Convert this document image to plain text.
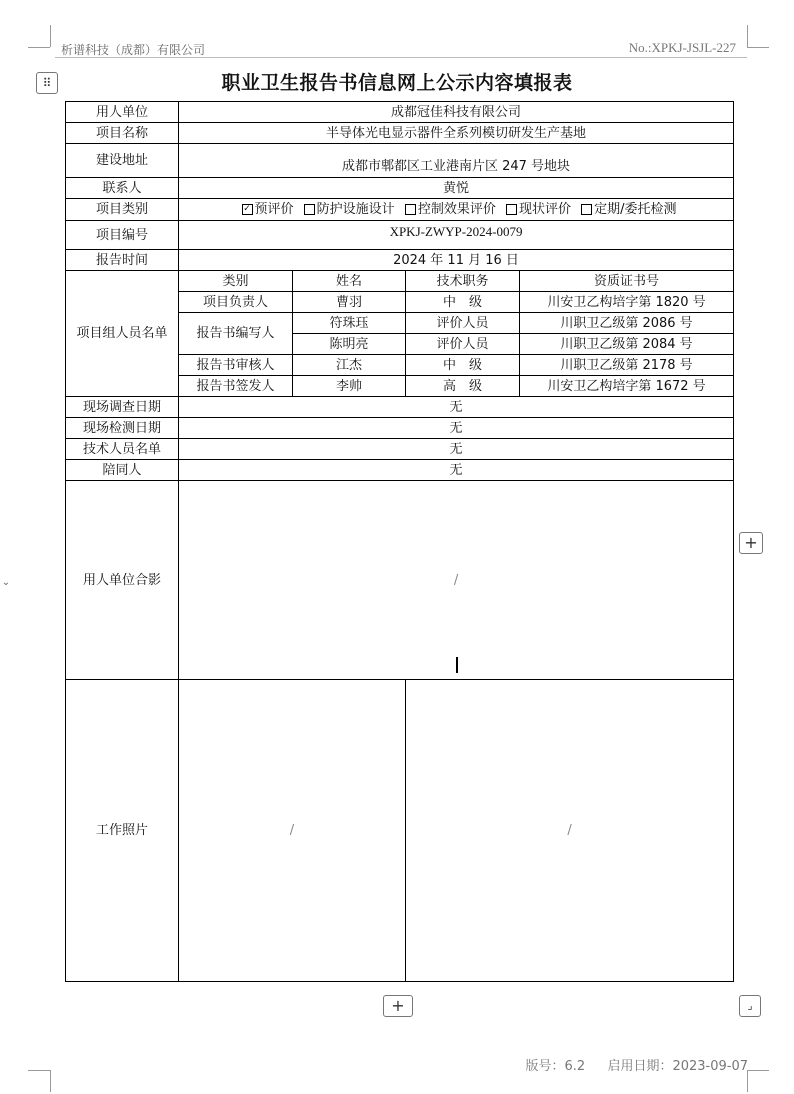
析谱科技（成都）有限公司	No.:XPKJ-JSJL-227
⠿	职业卫生报告书信息网上公示内容填报表
⌄
用人单位	成都冠佳科技有限公司			
项目名称	半导体光电显示器件全系列模切研发生产基地			
建设地址	成都市郫都区工业港南片区 247 号地块			
联系人	黄悦			
项目类别	✓ 预评价 防护设施设计 控制效果评价 现状评价 定期/委托检测			
项目编号	XPKJ-ZWYP-2024-0079			
报告时间	2024 年 11 月 16 日			
项目组人员名单	类别	姓名	技术职务	资质证书号
	项目负责人	曹羽	中　级	川安卫乙构培字第 1820 号
	报告书编写人	符珠珏	评价人员	川职卫乙级第 2086 号
		陈明亮	评价人员	川职卫乙级第 2084 号
	报告书审核人	江杰	中　级	川职卫乙级第 2178 号
	报告书签发人	李帅	高　级	川安卫乙构培字第 1672 号
现场调查日期	无			
现场检测日期	无			
技术人员名单	无			
陪同人	无			
用人单位合影	/			

工作照片	/		/	
+
+	⌟
版号：6.2 启用日期：2023-09-07
